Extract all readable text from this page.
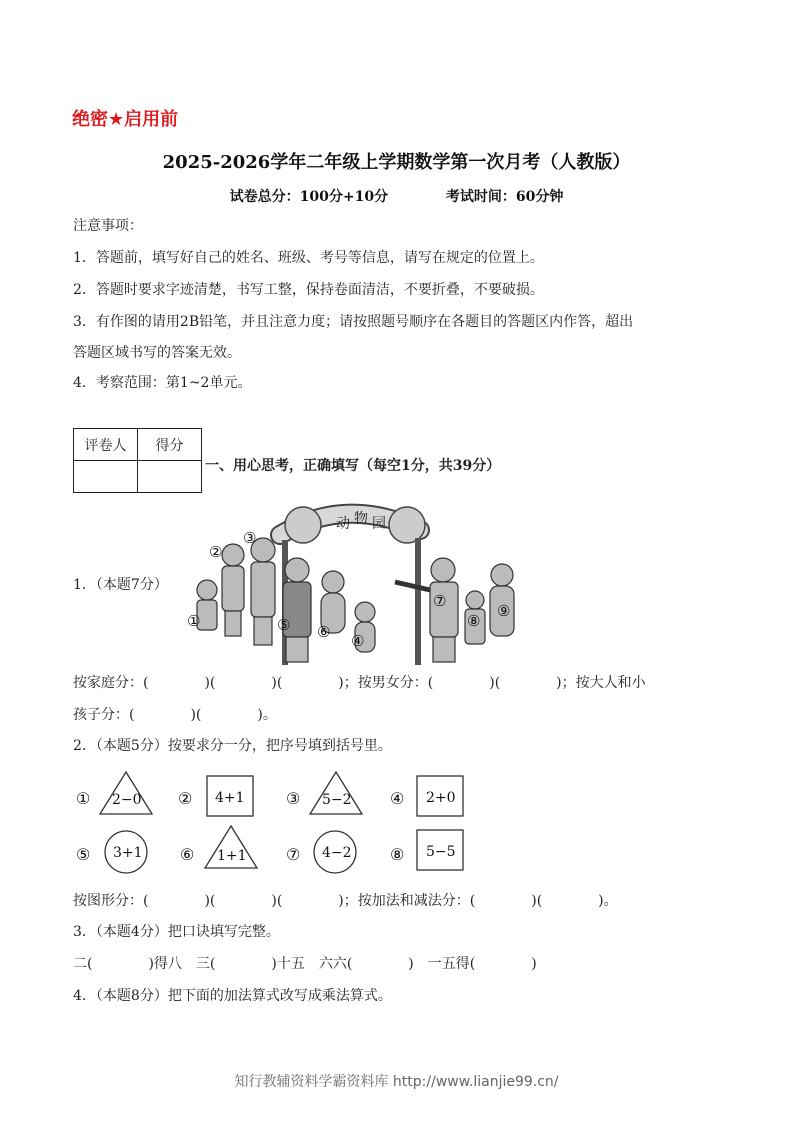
绝密★启用前
2025-2026学年二年级上学期数学第一次月考（人教版）
试卷总分：100分+10分	考试时间：60分钟
注意事项：
1．答题前，填写好自己的姓名、班级、考号等信息，请写在规定的位置上。
2．答题时要求字迹清楚，书写工整，保持卷面清洁，不要折叠，不要破损。
3．有作图的请用2B铅笔，并且注意力度；请按照题号顺序在各题目的答题区内作答，超出
答题区域书写的答案无效。
4．考察范围：第1~2单元。
评卷人	得分

一、用心思考，正确填写（每空1分，共39分）
1．（本题7分）
动 物 园
①
②
③
④
⑤ ⑥
⑦
⑧
⑨
按家庭分：(　　　　)(　　　　)(　　　　)；按男女分：(　　　　)(　　　　)；按大人和小
孩子分：(　　　　)(　　　　)。
2．（本题5分）按要求分一分，把序号填到括号里。
① 2−0 ② 4+1	③ 5−2 ④ 2+0
⑤ 3+1 ⑥ 1+1 ⑦ 4−2 ⑧ 5−5
按图形分：(　　　　)(　　　　)(　　　　)；按加法和减法分：(　　　　)(　　　　)。
3．（本题4分）把口诀填写完整。
二(　　　　)得八　三(　　　　)十五　六六(　　　　)　一五得(　　　　)
4．（本题8分）把下面的加法算式改写成乘法算式。
知行教辅资料学霸资料库 http://www.lianjie99.cn/
